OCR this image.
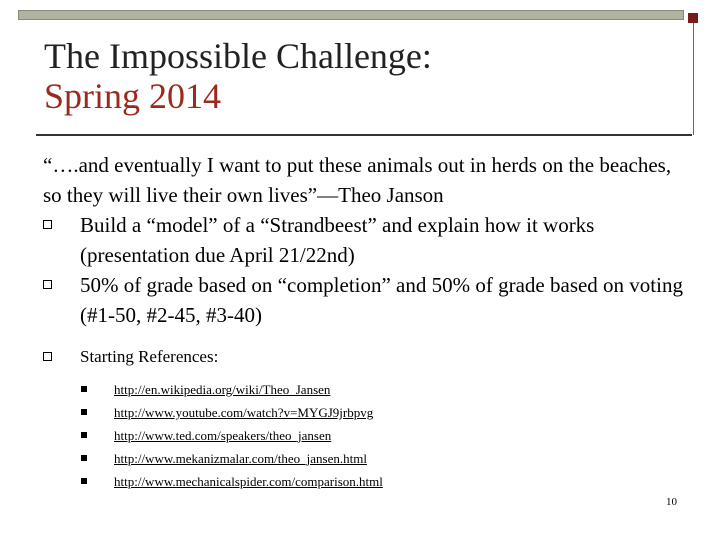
The Impossible Challenge:
Spring 2014

“….and eventually I want to put these animals out in herds on the beaches, so they will live their own lives”—Theo Janson

Build a “model” of a “Strandbeest” and explain how it works (presentation due April 21/22nd)
50% of grade based on “completion” and 50% of grade based on voting (#1-50, #2-45, #3-40)
Starting References:
http://en.wikipedia.org/wiki/Theo_Jansen
http://www.youtube.com/watch?v=MYGJ9jrbpvg
http://www.ted.com/speakers/theo_jansen
http://www.mekanizmalar.com/theo_jansen.html
http://www.mechanicalspider.com/comparison.html
10
